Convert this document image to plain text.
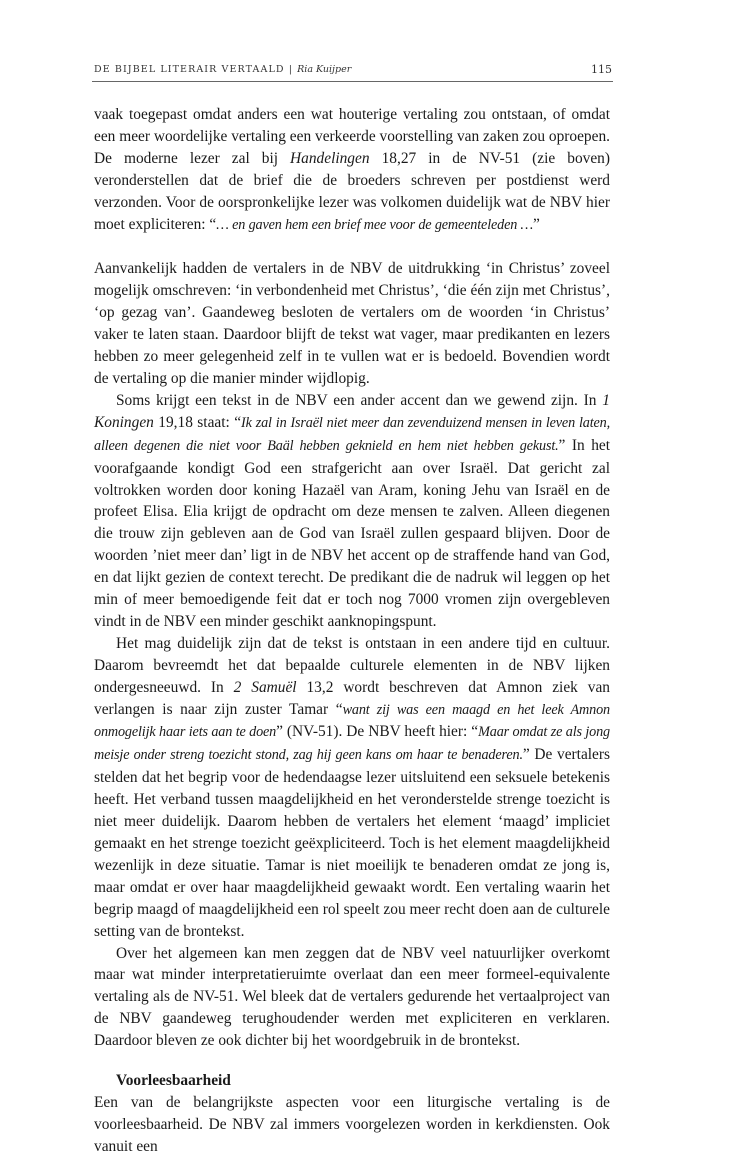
DE BIJBEL LITERAIR VERTAALD | Ria Kuijper	115

vaak toegepast omdat anders een wat houterige vertaling zou ontstaan, of omdat een meer woordelijke vertaling een verkeerde voorstelling van zaken zou oproepen. De moderne lezer zal bij Handelingen 18,27 in de NV-51 (zie boven) veronderstellen dat de brief die de broeders schreven per postdienst werd verzonden. Voor de oorspronkelijke lezer was volkomen duidelijk wat de NBV hier moet expliciteren: “… en gaven hem een brief mee voor de gemeenteleden …”

Aanvankelijk hadden de vertalers in de NBV de uitdrukking ‘in Christus’ zoveel mogelijk omschreven: ‘in verbondenheid met Christus’, ‘die één zijn met Christus’, ‘op gezag van’. Gaandeweg besloten de vertalers om de woorden ‘in Christus’ vaker te laten staan. Daardoor blijft de tekst wat vager, maar predikanten en lezers hebben zo meer gelegenheid zelf in te vullen wat er is bedoeld. Bovendien wordt de vertaling op die manier minder wijdlopig.

Soms krijgt een tekst in de NBV een ander accent dan we gewend zijn. In 1 Koningen 19,18 staat: “Ik zal in Israël niet meer dan zevenduizend mensen in leven laten, alleen degenen die niet voor Baäl hebben geknield en hem niet hebben gekust.” In het voorafgaande kondigt God een strafgericht aan over Israël. Dat gericht zal voltrokken worden door koning Hazaël van Aram, koning Jehu van Israël en de profeet Elisa. Elia krijgt de opdracht om deze mensen te zalven. Alleen diegenen die trouw zijn gebleven aan de God van Israël zullen gespaard blijven. Door de woorden ’niet meer dan’ ligt in de NBV het accent op de straffende hand van God, en dat lijkt gezien de context terecht. De predikant die de nadruk wil leggen op het min of meer bemoedigende feit dat er toch nog 7000 vromen zijn overgebleven vindt in de NBV een minder geschikt aanknopingspunt.

Het mag duidelijk zijn dat de tekst is ontstaan in een andere tijd en cultuur. Daarom bevreemdt het dat bepaalde culturele elementen in de NBV lijken ondergesneeuwd. In 2 Samuël 13,2 wordt beschreven dat Amnon ziek van verlangen is naar zijn zuster Tamar “want zij was een maagd en het leek Amnon onmogelijk haar iets aan te doen” (NV-51). De NBV heeft hier: “Maar omdat ze als jong meisje onder streng toezicht stond, zag hij geen kans om haar te benaderen.” De vertalers stelden dat het begrip voor de hedendaagse lezer uitsluitend een seksuele betekenis heeft. Het verband tussen maagdelijkheid en het veronderstelde strenge toezicht is niet meer duidelijk. Daarom hebben de vertalers het element ‘maagd’ impliciet gemaakt en het strenge toezicht geëxpliciteerd. Toch is het element maagdelijkheid wezenlijk in deze situatie. Tamar is niet moeilijk te benaderen omdat ze jong is, maar omdat er over haar maagdelijkheid gewaakt wordt. Een vertaling waarin het begrip maagd of maagdelijkheid een rol speelt zou meer recht doen aan de culturele setting van de brontekst.

Over het algemeen kan men zeggen dat de NBV veel natuurlijker overkomt maar wat minder interpretatieruimte overlaat dan een meer formeel-equivalente vertaling als de NV-51. Wel bleek dat de vertalers gedurende het vertaalproject van de NBV gaandeweg terughoudender werden met expliciteren en verklaren. Daardoor bleven ze ook dichter bij het woordgebruik in de brontekst.

Voorleesbaarheid

Een van de belangrijkste aspecten voor een liturgische vertaling is de voorleesbaarheid. De NBV zal immers voorgelezen worden in kerkdiensten. Ook vanuit een
